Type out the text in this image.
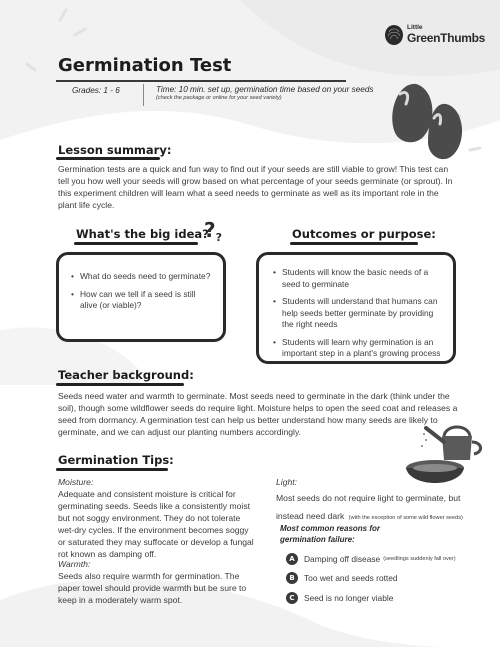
Little
GreenThumbs
Germination Test
Grades: 1 - 6	Time: 10 min. set up, germination time based on your seeds
(check the package or online for your seed variety)
Lesson summary:
Germination tests are a quick and fun way to find out if your seeds are still viable to grow! This test can tell you how well your seeds will grow based on what percentage of your seeds germinate (or sprout). In this experiment children will learn what a seed needs to germinate as well as its important role in the plant life cycle.
What's the big idea?
$?_?$
• What do seeds need to germinate?
• How can we tell if a seed is still alive (or viable)?
Outcomes or purpose:
• Students will know the basic needs of a seed to germinate
• Students will understand that humans can help seeds better germinate by providing the right needs
• Students will learn why germination is an important step in a plant's growing process
Teacher background:
Seeds need water and warmth to germinate. Most seeds need to germinate in the dark (think under the soil), though some wildflower seeds do require light. Moisture helps to open the seed coat and releases a seed from dormancy. A germination test can help us better understand how many seeds are likely to germinate, and we can adjust our planting numbers accordingly.
Germination Tips:
Moisture:
Adequate and consistent moisture is critical for germinating seeds. Seeds like a consistently moist but not soggy environment. They do not tolerate wet-dry cycles. If the environment becomes soggy or saturated they may suffocate or develop a fungal rot known as damping off.
Warmth:
Seeds also require warmth for germination. The paper towel should provide warmth but be sure to keep in a moderately warm spot.
Light:
Most seeds do not require light to germinate, but instead need dark (with the exception of some wild flower seeds)
Most common reasons for
germination failure:
A	Damping off disease (seedlings suddenly fall over)
B	Too wet and seeds rotted
C	Seed is no longer viable
